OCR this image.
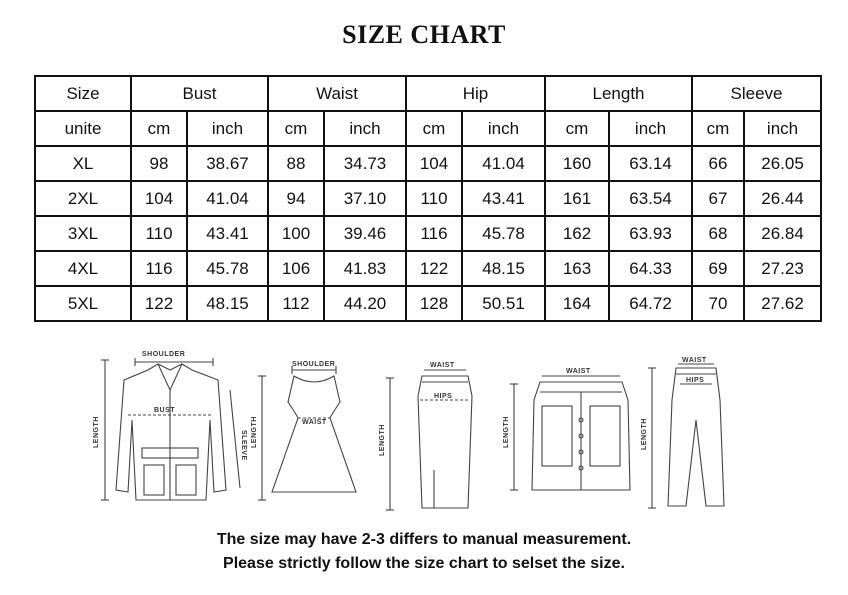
SIZE CHART
Size	Bust		Waist		Hip		Length		Sleeve	
unite	cm	inch	cm	inch	cm	inch	cm	inch	cm	inch
XL	98	38.67	88	34.73	104	41.04	160	63.14	66	26.05
2XL	104	41.04	94	37.10	110	43.41	161	63.54	67	26.44
3XL	110	43.41	100	39.46	116	45.78	162	63.93	68	26.84
4XL	116	45.78	106	41.83	122	48.15	163	64.33	69	27.23
5XL	122	48.15	112	44.20	128	50.51	164	64.72	70	27.62
SHOULDER
BUST
LENGTH	SLEEVE
SHOULDER
WAIST
LENGTH
WAIST
HIPS
LENGTH
WAIST
LENGTH
WAIST
HIPS
LENGTH
The size may have 2-3 differs to manual measurement.
Please strictly follow the size chart to selset the size.
